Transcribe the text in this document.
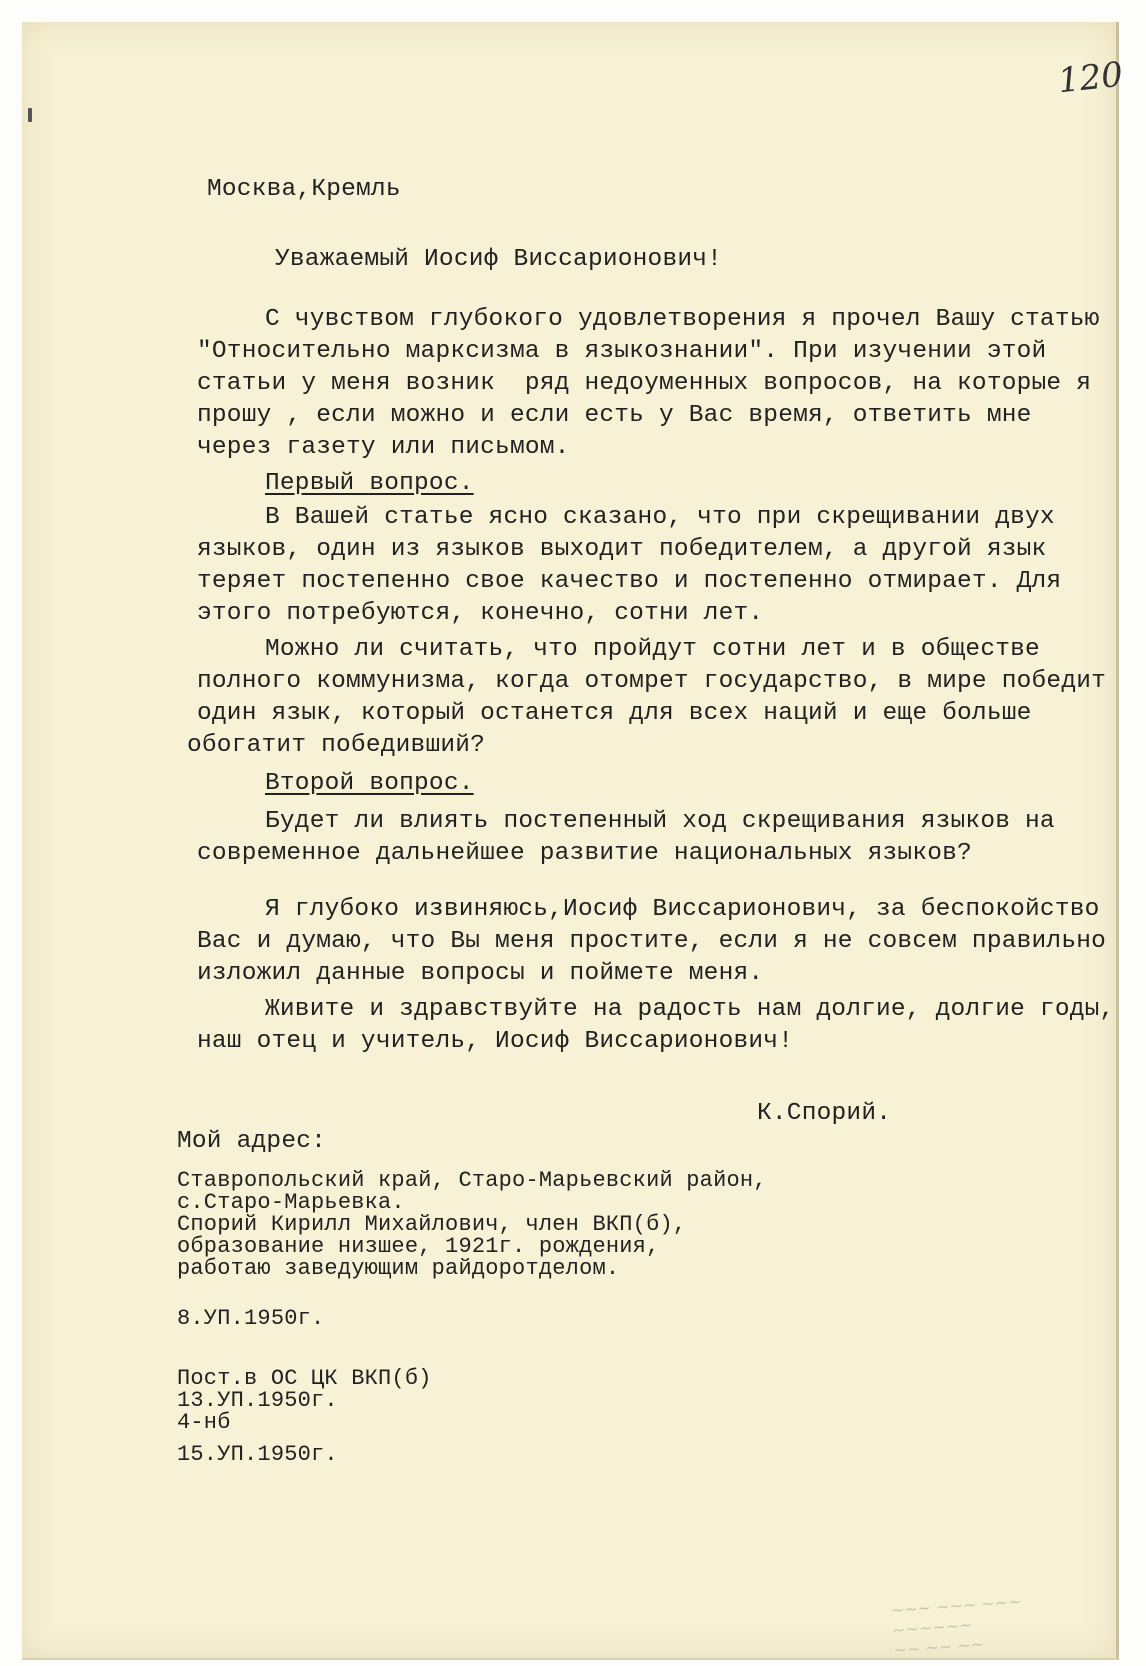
120
Москва,Кремль
Уважаемый Иосиф Виссарионович!
С чувством глубокого удовлетворения я прочел Вашу статью
"Относительно марксизма в языкознании". При изучении этой
статьи у меня возник  ряд недоуменных вопросов, на которые я
прошу , если можно и если есть у Вас время, ответить мне
через газету или письмом.
Первый вопрос.
В Вашей статье ясно сказано, что при скрещивании двух
языков, один из языков выходит победителем, а другой язык
теряет постепенно свое качество и постепенно отмирает. Для
этого потребуются, конечно, сотни лет.
Можно ли считать, что пройдут сотни лет и в обществе
полного коммунизма, когда отомрет государство, в мире победит
один язык, который останется для всех наций и еще больше
обогатит победивший?
Второй вопрос.
Будет ли влиять постепенный ход скрещивания языков на
современное дальнейшее развитие национальных языков?
Я глубоко извиняюсь,Иосиф Виссарионович, за беспокойство
Вас и думаю, что Вы меня простите, если я не совсем правильно
изложил данные вопросы и поймете меня.
Живите и здравствуйте на радость нам долгие, долгие годы,
наш отец и учитель, Иосиф Виссарионович!
К.Спорий.
Мой адрес:
Ставропольский край, Старо-Марьевский район,
с.Старо-Марьевка.
Спорий Кирилл Михайлович, член ВКП(б),
образование низшее, 1921г. рождения,
работаю заведующим райдоротделом.
8.УП.1950г.
Пост.в ОС ЦК ВКП(б)
13.УП.1950г.
4-нб
15.УП.1950г.
~~~ ~~~ ~~~
~~~~~~
~~ ~~ ~~
